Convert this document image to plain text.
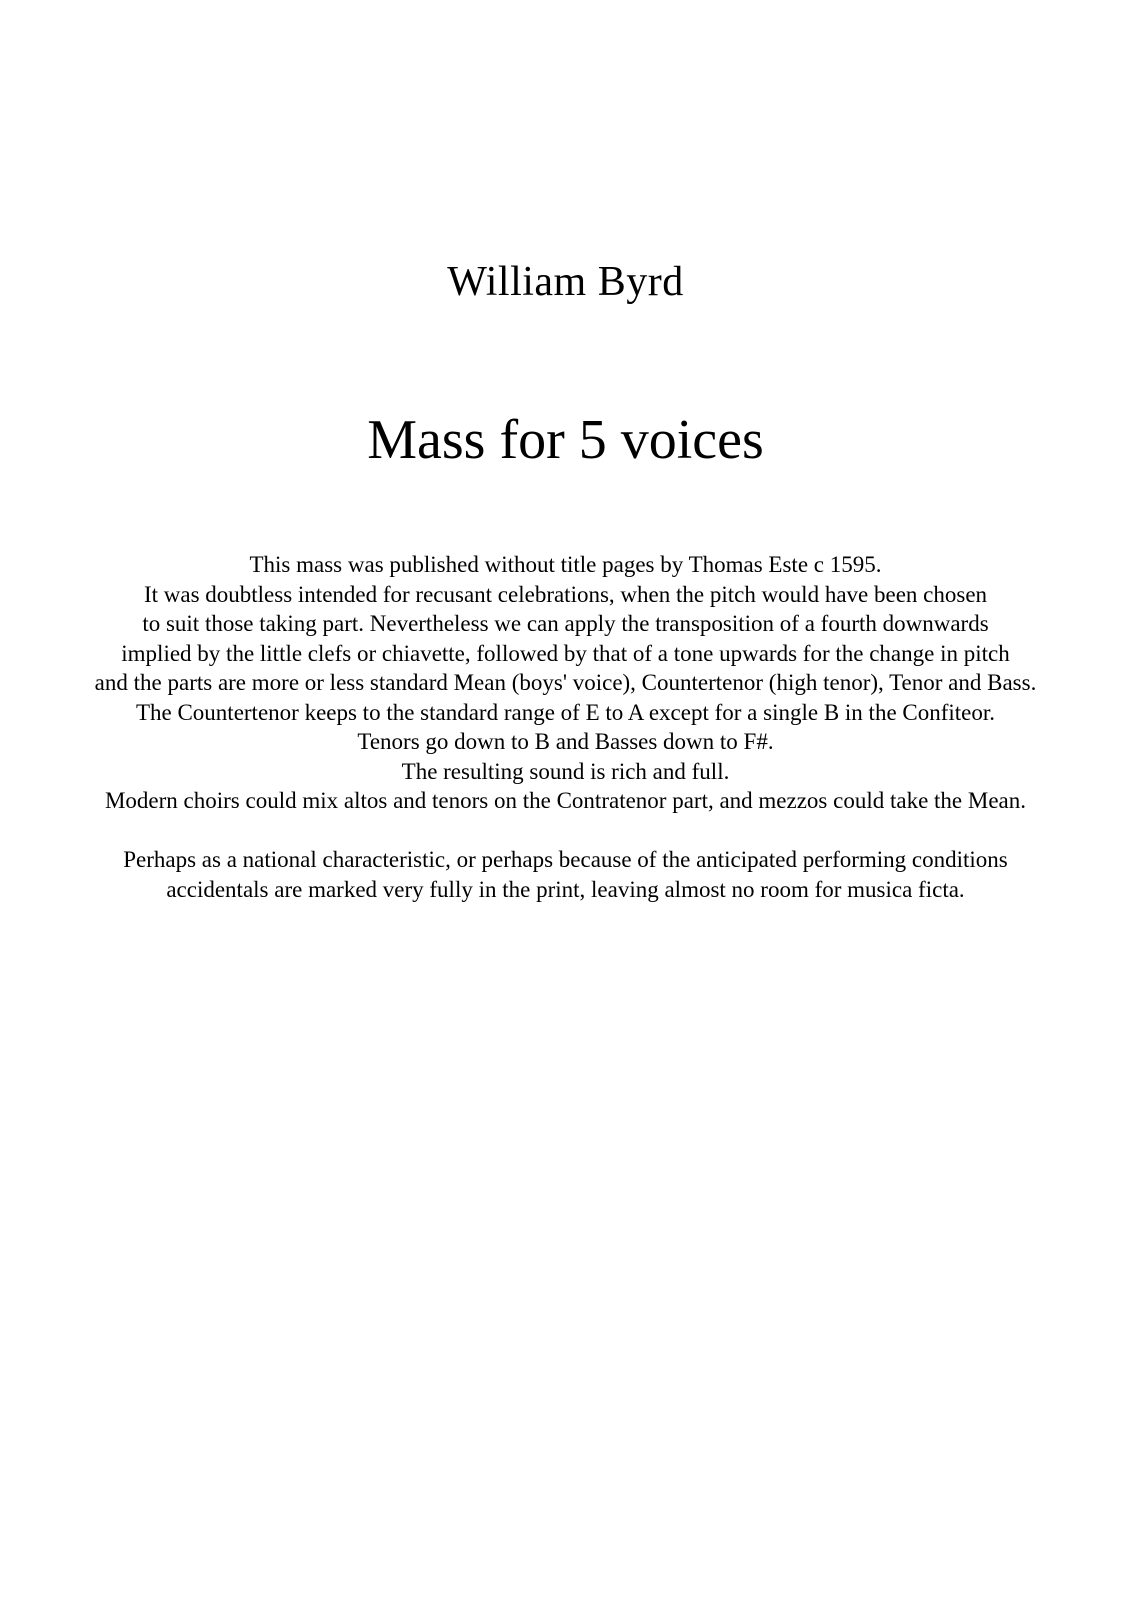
William Byrd
Mass for 5 voices
This mass was published without title pages by Thomas Este c 1595.
It was doubtless intended for recusant celebrations, when the pitch would have been chosen
to suit those taking part. Nevertheless we can apply the transposition of a fourth downwards
implied by the little clefs or chiavette, followed by that of a tone upwards for the change in pitch
and the parts are more or less standard Mean (boys' voice), Countertenor (high tenor), Tenor and Bass.
The Countertenor keeps to the standard range of E to A except for a single B in the Confiteor.
Tenors go down to B and Basses down to F#.
The resulting sound is rich and full.
Modern choirs could mix altos and tenors on the Contratenor part, and mezzos could take the Mean.
Perhaps as a national characteristic, or perhaps because of the anticipated performing conditions
accidentals are marked very fully in the print, leaving almost no room for musica ficta.
